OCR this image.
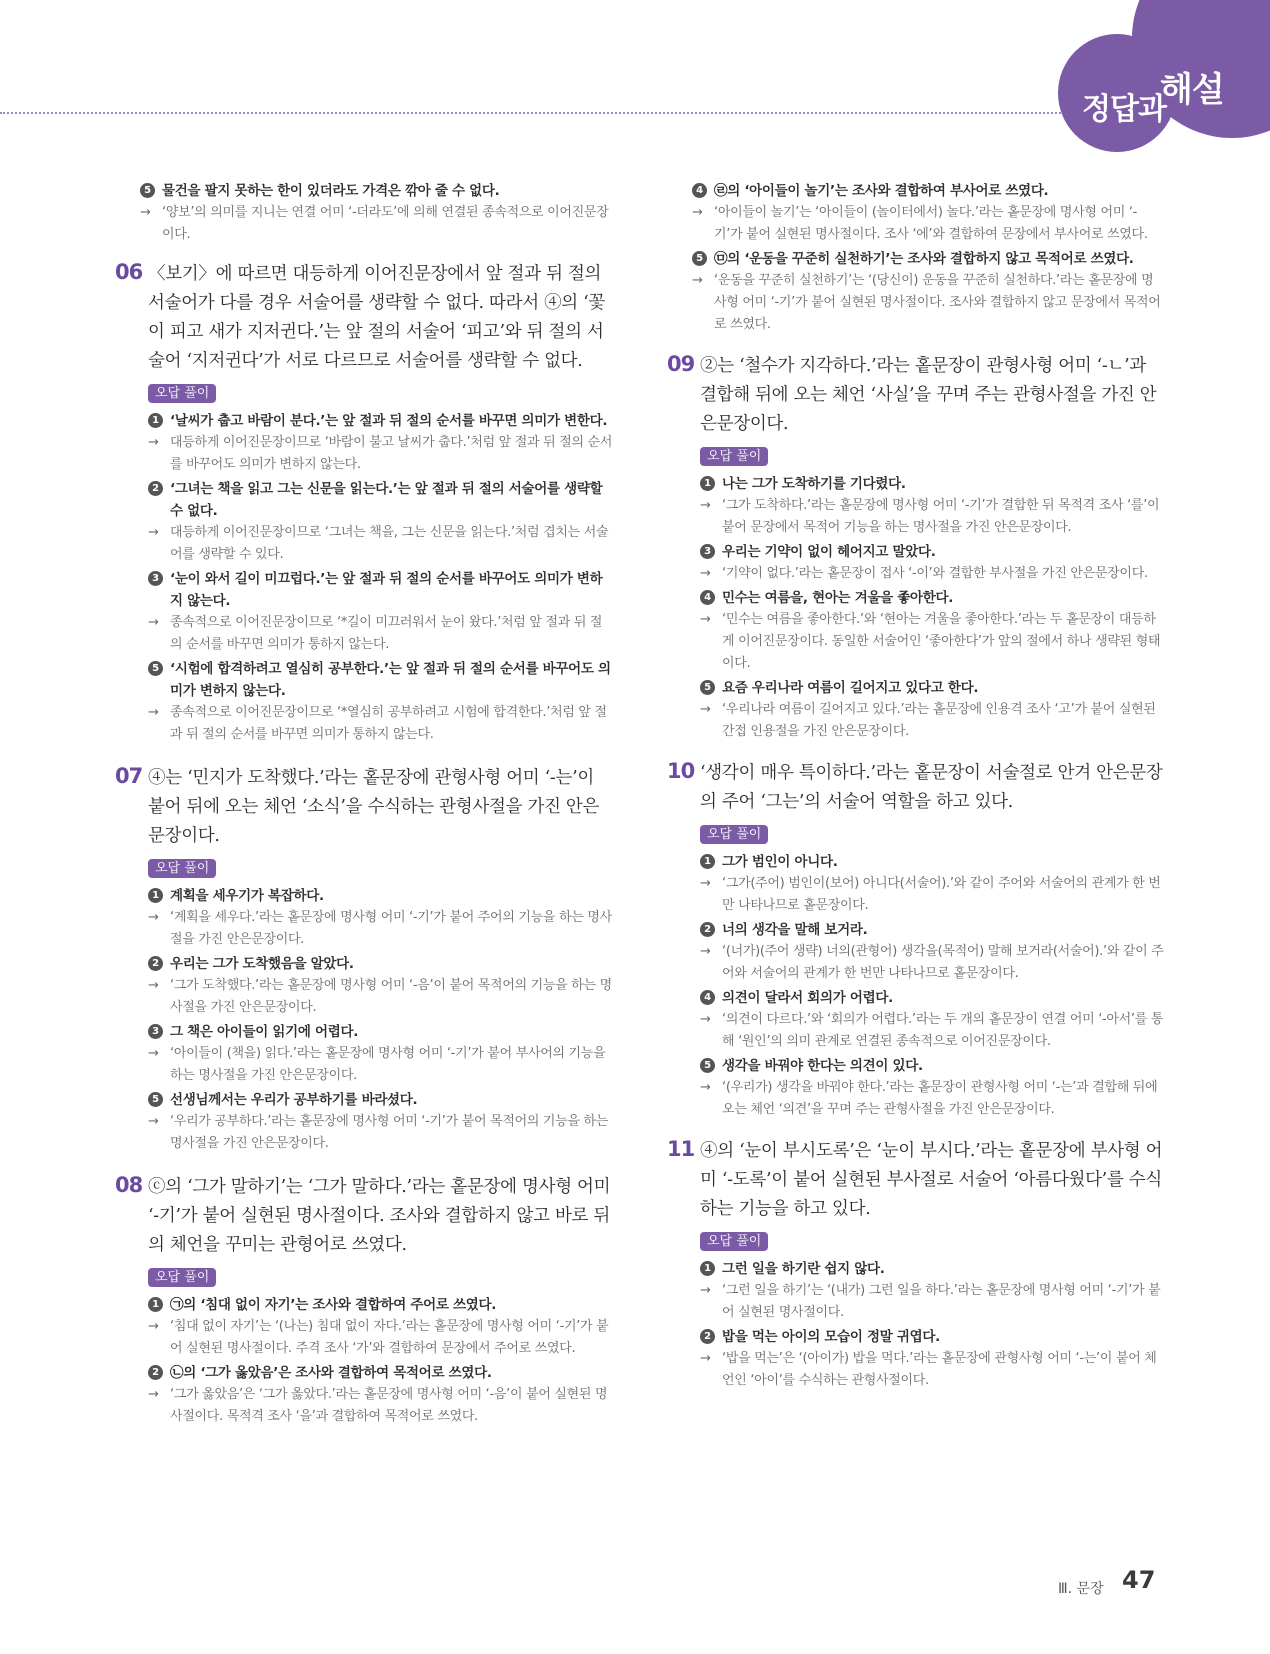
정답과
해설
5 물건을 팔지 못하는 한이 있더라도 가격은 깎아 줄 수 없다.
→ ‘양보’의 의미를 지니는 연결 어미 ‘-더라도’에 의해 연결된 종속적으로 이어진문장이다.
06 〈보기〉에 따르면 대등하게 이어진문장에서 앞 절과 뒤 절의 서술어가 다를 경우 서술어를 생략할 수 없다. 따라서 ④의 ‘꽃이 피고 새가 지저귄다.’는 앞 절의 서술어 ‘피고’와 뒤 절의 서술어 ‘지저귄다’가 서로 다르므로 서술어를 생략할 수 없다.
오답 풀이
1 ‘날씨가 춥고 바람이 분다.’는 앞 절과 뒤 절의 순서를 바꾸면 의미가 변한다.
→ 대등하게 이어진문장이므로 ‘바람이 불고 날씨가 춥다.’처럼 앞 절과 뒤 절의 순서를 바꾸어도 의미가 변하지 않는다.
2 ‘그녀는 책을 읽고 그는 신문을 읽는다.’는 앞 절과 뒤 절의 서술어를 생략할 수 없다.
→ 대등하게 이어진문장이므로 ‘그녀는 책을, 그는 신문을 읽는다.’처럼 겹치는 서술어를 생략할 수 있다.
3 ‘눈이 와서 길이 미끄럽다.’는 앞 절과 뒤 절의 순서를 바꾸어도 의미가 변하지 않는다.
→ 종속적으로 이어진문장이므로 ‘*길이 미끄러워서 눈이 왔다.’처럼 앞 절과 뒤 절의 순서를 바꾸면 의미가 통하지 않는다.
5 ‘시험에 합격하려고 열심히 공부한다.’는 앞 절과 뒤 절의 순서를 바꾸어도 의미가 변하지 않는다.
→ 종속적으로 이어진문장이므로 ‘*열심히 공부하려고 시험에 합격한다.’처럼 앞 절과 뒤 절의 순서를 바꾸면 의미가 통하지 않는다.
07 ④는 ‘민지가 도착했다.’라는 홑문장에 관형사형 어미 ‘-는’이 붙어 뒤에 오는 체언 ‘소식’을 수식하는 관형사절을 가진 안은문장이다.
오답 풀이
1 계획을 세우기가 복잡하다.
→ ‘계획을 세우다.’라는 홑문장에 명사형 어미 ‘-기’가 붙어 주어의 기능을 하는 명사절을 가진 안은문장이다.
2 우리는 그가 도착했음을 알았다.
→ ‘그가 도착했다.’라는 홑문장에 명사형 어미 ‘-음’이 붙어 목적어의 기능을 하는 명사절을 가진 안은문장이다.
3 그 책은 아이들이 읽기에 어렵다.
→ ‘아이들이 (책을) 읽다.’라는 홑문장에 명사형 어미 ‘-기’가 붙어 부사어의 기능을 하는 명사절을 가진 안은문장이다.
5 선생님께서는 우리가 공부하기를 바라셨다.
→ ‘우리가 공부하다.’라는 홑문장에 명사형 어미 ‘-기’가 붙어 목적어의 기능을 하는 명사절을 가진 안은문장이다.
08 ⓒ의 ‘그가 말하기’는 ‘그가 말하다.’라는 홑문장에 명사형 어미 ‘-기’가 붙어 실현된 명사절이다. 조사와 결합하지 않고 바로 뒤의 체언을 꾸미는 관형어로 쓰였다.
오답 풀이
1 ㉠의 ‘침대 없이 자기’는 조사와 결합하여 주어로 쓰였다.
→ ‘침대 없이 자기’는 ‘(나는) 침대 없이 자다.’라는 홑문장에 명사형 어미 ‘-기’가 붙어 실현된 명사절이다. 주격 조사 ‘가’와 결합하여 문장에서 주어로 쓰였다.
2 ㉡의 ‘그가 옳았음’은 조사와 결합하여 목적어로 쓰였다.
→ ‘그가 옳았음’은 ‘그가 옳았다.’라는 홑문장에 명사형 어미 ‘-음’이 붙어 실현된 명사절이다. 목적격 조사 ‘을’과 결합하여 목적어로 쓰였다.
4 ㉣의 ‘아이들이 놀기’는 조사와 결합하여 부사어로 쓰였다.
→ ‘아이들이 놀기’는 ‘아이들이 (놀이터에서) 놀다.’라는 홑문장에 명사형 어미 ‘-기’가 붙어 실현된 명사절이다. 조사 ‘에’와 결합하여 문장에서 부사어로 쓰였다.
5 ㉤의 ‘운동을 꾸준히 실천하기’는 조사와 결합하지 않고 목적어로 쓰였다.
→ ‘운동을 꾸준히 실천하기’는 ‘(당신이) 운동을 꾸준히 실천하다.’라는 홑문장에 명사형 어미 ‘-기’가 붙어 실현된 명사절이다. 조사와 결합하지 않고 문장에서 목적어로 쓰였다.
09 ②는 ‘철수가 지각하다.’라는 홑문장이 관형사형 어미 ‘-ㄴ’과 결합해 뒤에 오는 체언 ‘사실’을 꾸며 주는 관형사절을 가진 안은문장이다.
오답 풀이
1 나는 그가 도착하기를 기다렸다.
→ ‘그가 도착하다.’라는 홑문장에 명사형 어미 ‘-기’가 결합한 뒤 목적격 조사 ‘를’이 붙어 문장에서 목적어 기능을 하는 명사절을 가진 안은문장이다.
3 우리는 기약이 없이 헤어지고 말았다.
→ ‘기약이 없다.’라는 홑문장이 접사 ‘-이’와 결합한 부사절을 가진 안은문장이다.
4 민수는 여름을, 현아는 겨울을 좋아한다.
→ ‘민수는 여름을 좋아한다.’와 ‘현아는 겨울을 좋아한다.’라는 두 홑문장이 대등하게 이어진문장이다. 동일한 서술어인 ‘좋아한다’가 앞의 절에서 하나 생략된 형태이다.
5 요즘 우리나라 여름이 길어지고 있다고 한다.
→ ‘우리나라 여름이 길어지고 있다.’라는 홑문장에 인용격 조사 ‘고’가 붙어 실현된 간접 인용절을 가진 안은문장이다.
10 ‘생각이 매우 특이하다.’라는 홑문장이 서술절로 안겨 안은문장의 주어 ‘그는’의 서술어 역할을 하고 있다.
오답 풀이
1 그가 범인이 아니다.
→ ‘그가(주어) 범인이(보어) 아니다(서술어).’와 같이 주어와 서술어의 관계가 한 번만 나타나므로 홑문장이다.
2 너의 생각을 말해 보거라.
→ ‘(너가)(주어 생략) 너의(관형어) 생각을(목적어) 말해 보거라(서술어).’와 같이 주어와 서술어의 관계가 한 번만 나타나므로 홑문장이다.
4 의견이 달라서 회의가 어렵다.
→ ‘의견이 다르다.’와 ‘회의가 어렵다.’라는 두 개의 홑문장이 연결 어미 ‘-아서’를 통해 ‘원인’의 의미 관계로 연결된 종속적으로 이어진문장이다.
5 생각을 바꿔야 한다는 의견이 있다.
→ ‘(우리가) 생각을 바꿔야 한다.’라는 홑문장이 관형사형 어미 ‘-는’과 결합해 뒤에 오는 체언 ‘의견’을 꾸며 주는 관형사절을 가진 안은문장이다.
11 ④의 ‘눈이 부시도록’은 ‘눈이 부시다.’라는 홑문장에 부사형 어미 ‘-도록’이 붙어 실현된 부사절로 서술어 ‘아름다웠다’를 수식하는 기능을 하고 있다.
오답 풀이
1 그런 일을 하기란 쉽지 않다.
→ ‘그런 일을 하기’는 ‘(내가) 그런 일을 하다.’라는 홑문장에 명사형 어미 ‘-기’가 붙어 실현된 명사절이다.
2 밥을 먹는 아이의 모습이 정말 귀엽다.
→ ‘밥을 먹는’은 ‘(아이가) 밥을 먹다.’라는 홑문장에 관형사형 어미 ‘-는’이 붙어 체언인 ‘아이’를 수식하는 관형사절이다.
Ⅲ. 문장 47
